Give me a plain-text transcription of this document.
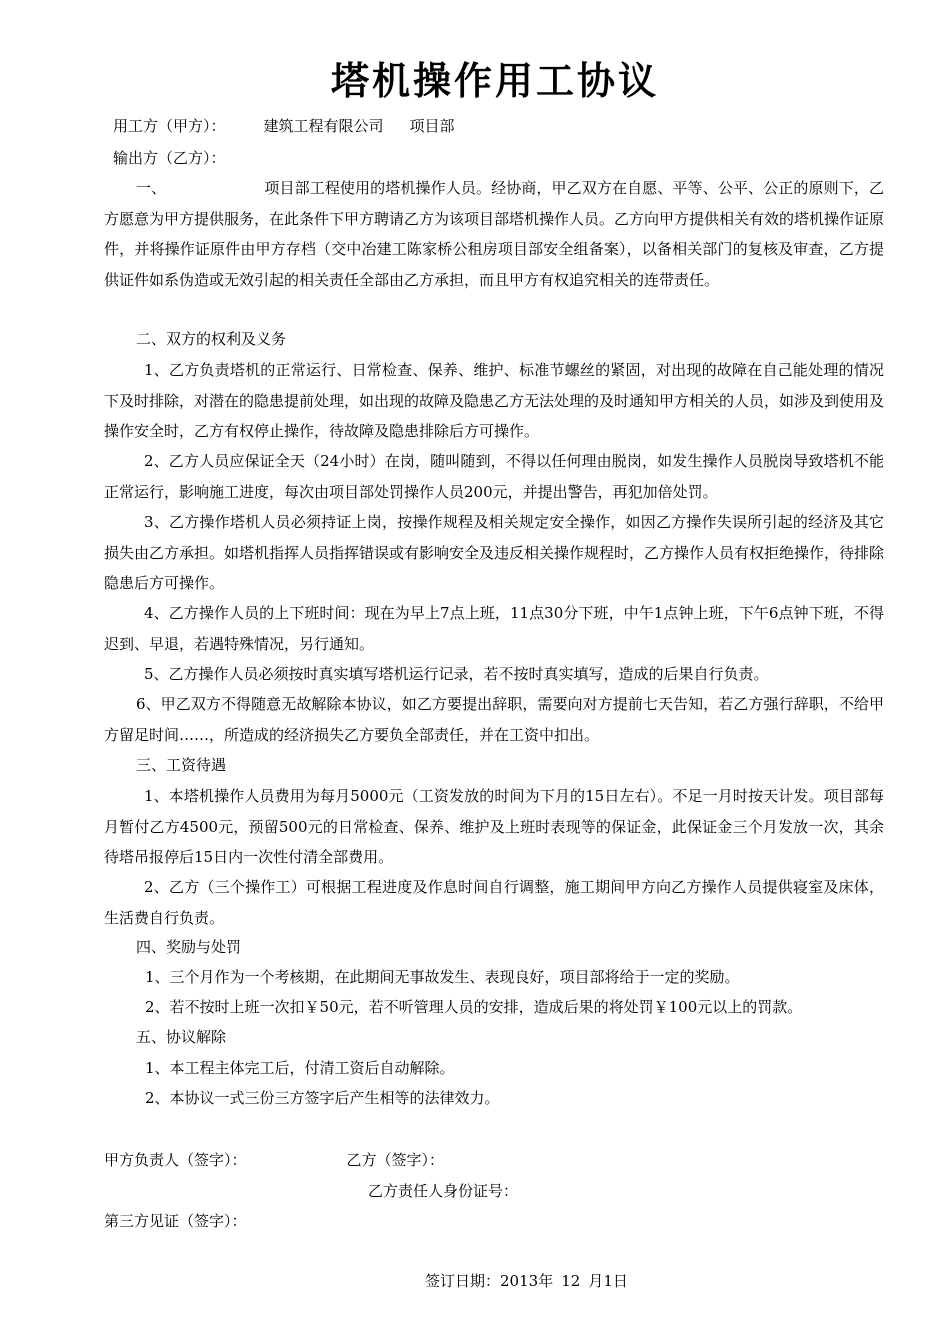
塔机操作用工协议
用工方（甲方）：	建筑工程有限公司 项目部
输出方（乙方）：

一、	项目部工程使用的塔机操作人员。经协商，甲乙双方在自愿、平等、公平、公正的原则下，乙方愿意为甲方提供服务，在此条件下甲方聘请乙方为该项目部塔机操作人员。乙方向甲方提供相关有效的塔机操作证原件，并将操作证原件由甲方存档（交中冶建工陈家桥公租房项目部安全组备案），以备相关部门的复核及审查，乙方提供证件如系伪造或无效引起的相关责任全部由乙方承担，而且甲方有权追究相关的连带责任。

二、双方的权利及义务

1、乙方负责塔机的正常运行、日常检查、保养、维护、标准节螺丝的紧固，对出现的故障在自己能处理的情况下及时排除，对潜在的隐患提前处理，如出现的故障及隐患乙方无法处理的及时通知甲方相关的人员，如涉及到使用及操作安全时，乙方有权停止操作，待故障及隐患排除后方可操作。

2、乙方人员应保证全天（24小时）在岗，随叫随到，不得以任何理由脱岗，如发生操作人员脱岗导致塔机不能正常运行，影响施工进度，每次由项目部处罚操作人员200元，并提出警告，再犯加倍处罚。

3、乙方操作塔机人员必须持证上岗，按操作规程及相关规定安全操作，如因乙方操作失误所引起的经济及其它损失由乙方承担。如塔机指挥人员指挥错误或有影响安全及违反相关操作规程时，乙方操作人员有权拒绝操作，待排除隐患后方可操作。

4、乙方操作人员的上下班时间：现在为早上7点上班，11点30分下班，中午1点钟上班，下午6点钟下班，不得迟到、早退，若遇特殊情况，另行通知。

5、乙方操作人员必须按时真实填写塔机运行记录，若不按时真实填写，造成的后果自行负责。

6、甲乙双方不得随意无故解除本协议，如乙方要提出辞职，需要向对方提前七天告知，若乙方强行辞职，不给甲方留足时间……，所造成的经济损失乙方要负全部责任，并在工资中扣出。

三、工资待遇

1、本塔机操作人员费用为每月5000元（工资发放的时间为下月的15日左右）。不足一月时按天计发。项目部每月暂付乙方4500元，预留500元的日常检查、保养、维护及上班时表现等的保证金，此保证金三个月发放一次，其余待塔吊报停后15日内一次性付清全部费用。

2、乙方（三个操作工）可根据工程进度及作息时间自行调整，施工期间甲方向乙方操作人员提供寝室及床体，生活费自行负责。

四、奖励与处罚
1、三个月作为一个考核期，在此期间无事故发生、表现良好，项目部将给于一定的奖励。
2、若不按时上班一次扣￥50元，若不听管理人员的安排，造成后果的将处罚￥100元以上的罚款。
五、协议解除
1、本工程主体完工后，付清工资后自动解除。
2、本协议一式三份三方签字后产生相等的法律效力。
甲方负责人（签字）：	乙方（签字）：
乙方责任人身份证号：
第三方见证（签字）：
签订日期：2013年 12 月1日
